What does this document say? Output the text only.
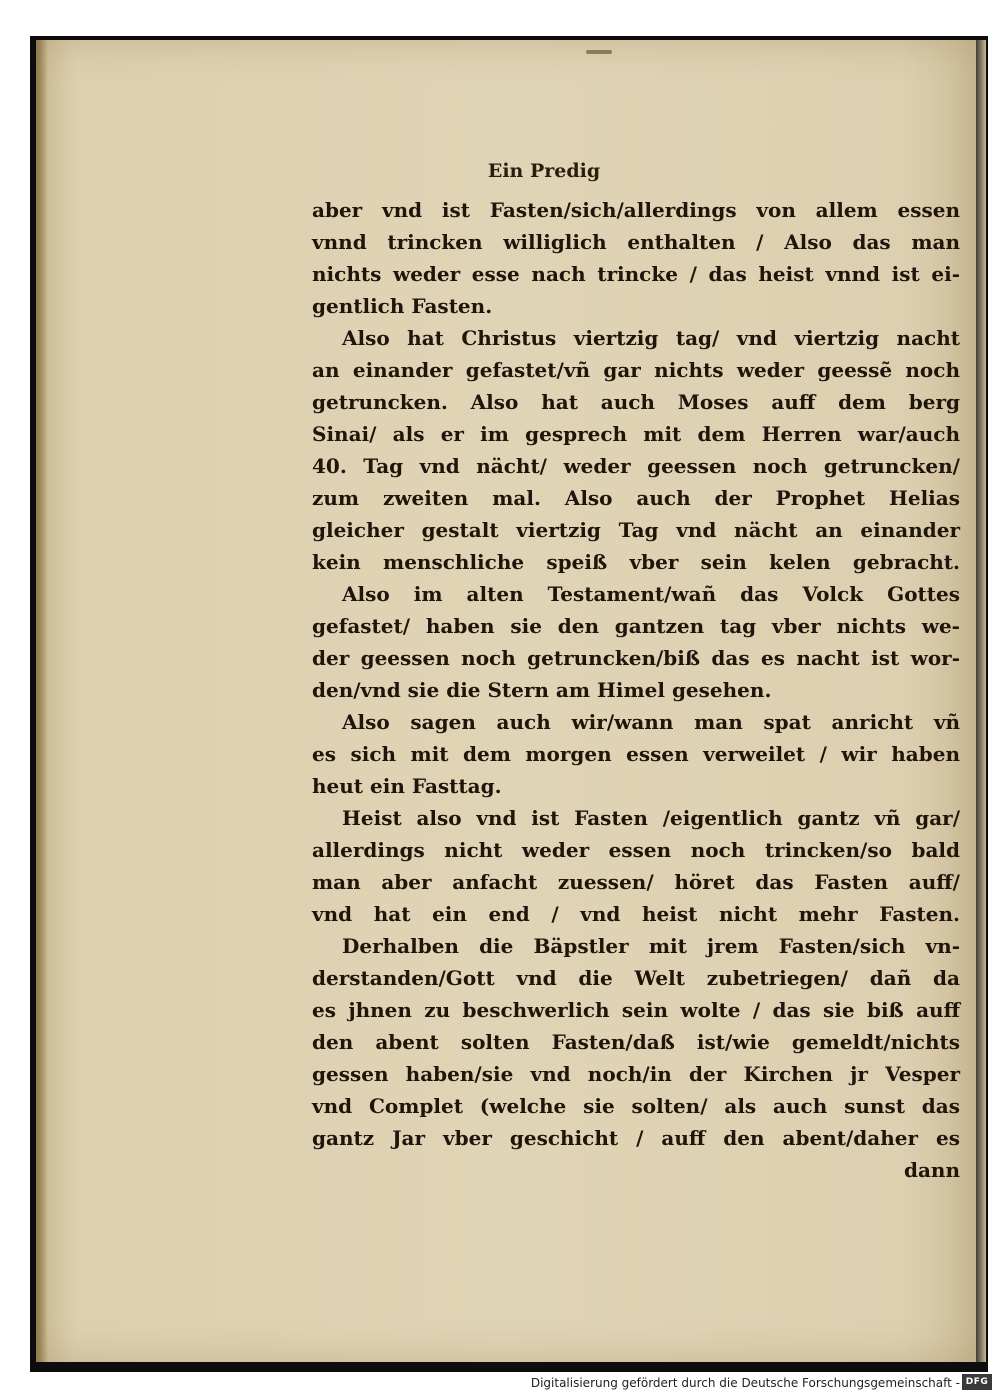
Ein Predig
aber vnd ist Fasten/sich/allerdings von allem essen
vnnd trincken williglich enthalten / Also das man
nichts weder esse nach trincke / das heist vnnd ist ei-
gentlich Fasten.
Also hat Christus viertzig tag/ vnd viertzig nacht
an einander gefastet/vñ gar nichts weder geessẽ noch
getruncken. Also hat auch Moses auff dem berg
Sinai/ als er im gesprech mit dem Herren war/auch
40. Tag vnd nächt/ weder geessen noch getruncken/
zum zweiten mal. Also auch der Prophet Helias
gleicher gestalt viertzig Tag vnd nächt an einander
kein menschliche speiß vber sein kelen gebracht.
Also im alten Testament/wañ das Volck Gottes
gefastet/ haben sie den gantzen tag vber nichts we-
der geessen noch getruncken/biß das es nacht ist wor-
den/vnd sie die Stern am Himel gesehen.
Also sagen auch wir/wann man spat anricht vñ
es sich mit dem morgen essen verweilet / wir haben
heut ein Fasttag.
Heist also vnd ist Fasten /eigentlich gantz vñ gar/
allerdings nicht weder essen noch trincken/so bald
man aber anfacht zuessen/ höret das Fasten auff/
vnd hat ein end / vnd heist nicht mehr Fasten.
Derhalben die Bäpstler mit jrem Fasten/sich vn-
derstanden/Gott vnd die Welt zubetriegen/ dañ da
es jhnen zu beschwerlich sein wolte / das sie biß auff
den abent solten Fasten/daß ist/wie gemeldt/nichts
gessen haben/sie vnd noch/in der Kirchen jr Vesper
vnd Complet (welche sie solten/ als auch sunst das
gantz Jar vber geschicht / auff den abent/daher es
dann
Digitalisierung gefördert durch die Deutsche Forschungsgemeinschaft - DFG
